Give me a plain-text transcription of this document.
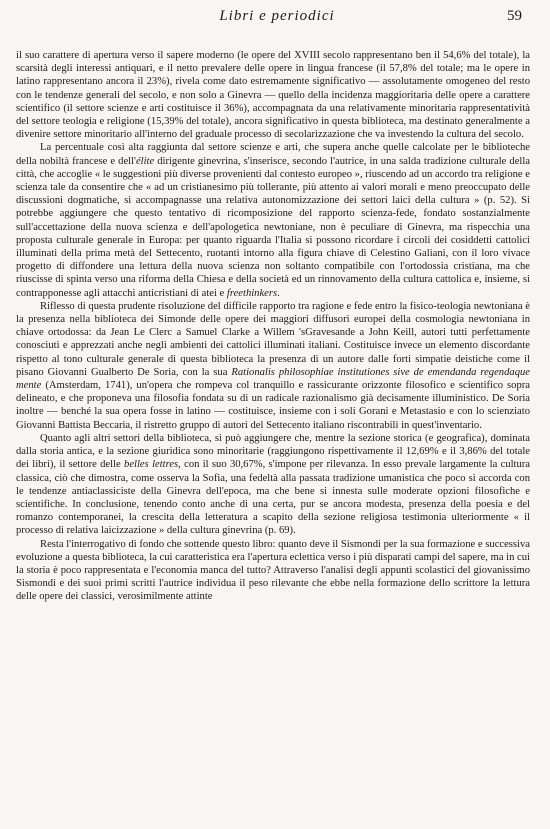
Libri e periodici	59

il suo carattere di apertura verso il sapere moderno (le opere del XVIII secolo rappresentano ben il 54,6% del totale), la scarsità degli interessi antiquari, e il netto prevalere delle opere in lingua francese (il 57,8% del totale; ma le opere in latino rappresentano ancora il 23%), rivela come dato estremamente significativo — assolutamente omogeneo del resto con le tendenze generali del secolo, e non solo a Ginevra — quello della incidenza maggioritaria delle opere a carattere scientifico (il settore scienze e arti costituisce il 36%), accompagnata da una relativamente minoritaria rappresentatività del settore teologia e religione (15,39% del totale), ancora significativo in questa biblioteca, ma destinato generalmente a divenire settore minoritario all'interno del graduale processo di secolarizzazione che va investendo la cultura del secolo.

La percentuale così alta raggiunta dal settore scienze e arti, che supera anche quelle calcolate per le biblioteche della nobiltà francese e dell'élite dirigente ginevrina, s'inserisce, secondo l'autrice, in una salda tradizione culturale della città, che accoglie « le suggestioni più diverse provenienti dal contesto europeo », riuscendo ad un accordo tra religione e scienza tale da consentire che « ad un cristianesimo più tollerante, più attento ai valori morali e meno preoccupato delle discussioni dogmatiche, si accompagnasse una relativa autonomizzazione dei settori laici della cultura » (p. 52). Si potrebbe aggiungere che questo tentativo di ricomposizione del rapporto scienza-fede, fondato sostanzialmente sull'accettazione della nuova scienza e dell'apologetica newtoniane, non è peculiare di Ginevra, ma rispecchia una proposta culturale generale in Europa: per quanto riguarda l'Italia si possono ricordare i circoli dei cosiddetti cattolici illuminati della prima metà del Settecento, ruotanti intorno alla figura chiave di Celestino Galiani, con il loro vivace progetto di diffondere una lettura della nuova scienza non soltanto compatibile con l'ortodossia cristiana, ma che riuscisse di spinta verso una riforma della Chiesa e della società ed un rinnovamento della cultura cattolica e, insieme, si contrapponesse agli attacchi anticristiani di atei e freethinkers.

Riflesso di questa prudente risoluzione del difficile rapporto tra ragione e fede entro la fisico-teologia newtoniana è la presenza nella biblioteca dei Simonde delle opere dei maggiori diffusori europei della cosmologia newtoniana in chiave ortodossa: da Jean Le Clerc a Samuel Clarke a Willem 'sGravesande a John Keill, autori tutti perfettamente conosciuti e apprezzati anche negli ambienti dei cattolici illuminati italiani. Costituisce invece un elemento discordante rispetto al tono culturale generale di questa biblioteca la presenza di un autore dalle forti simpatie deistiche come il pisano Giovanni Gualberto De Soria, con la sua Rationalis philosophiae institutiones sive de emendanda regendaque mente (Amsterdam, 1741), un'opera che rompeva col tranquillo e rassicurante orizzonte filosofico e scientifico sopra delineato, e che proponeva una filosofia fondata su di un radicale razionalismo già decisamente illuministico. De Soria inoltre — benché la sua opera fosse in latino — costituisce, insieme con i soli Gorani e Metastasio e con lo scienziato Giovanni Battista Beccaria, il ristretto gruppo di autori del Settecento italiano riscontrabili in quest'inventario.

Quanto agli altri settori della biblioteca, si può aggiungere che, mentre la sezione storica (e geografica), dominata dalla storia antica, e la sezione giuridica sono minoritarie (raggiungono rispettivamente il 12,69% e il 3,86% del totale dei libri), il settore delle belles lettres, con il suo 30,67%, s'impone per rilevanza. In esso prevale largamente la cultura classica, ciò che dimostra, come osserva la Sofia, una fedeltà alla passata tradizione umanistica che poco si accorda con le tendenze antiaclassiciste della Ginevra dell'epoca, ma che bene si innesta sulle moderate opzioni filosofiche e scientifiche. In conclusione, tenendo conto anche di una certa, pur se ancora modesta, presenza della poesia e del romanzo contemporanei, la crescita della letteratura a scapito della sezione religiosa testimonia ulteriormente « il processo di relativa laicizzazione » della cultura ginevrina (p. 69).

Resta l'interrogativo di fondo che sottende questo libro: quanto deve il Sismondi per la sua formazione e successiva evoluzione a questa biblioteca, la cui caratteristica era l'apertura eclettica verso i più disparati campi del sapere, ma in cui la storia è poco rappresentata e l'economia manca del tutto? Attraverso l'analisi degli appunti scolastici del giovanissimo Sismondi e dei suoi primi scritti l'autrice individua il peso rilevante che ebbe nella formazione dello scrittore la lettura delle opere dei classici, verosimilmente attinte
